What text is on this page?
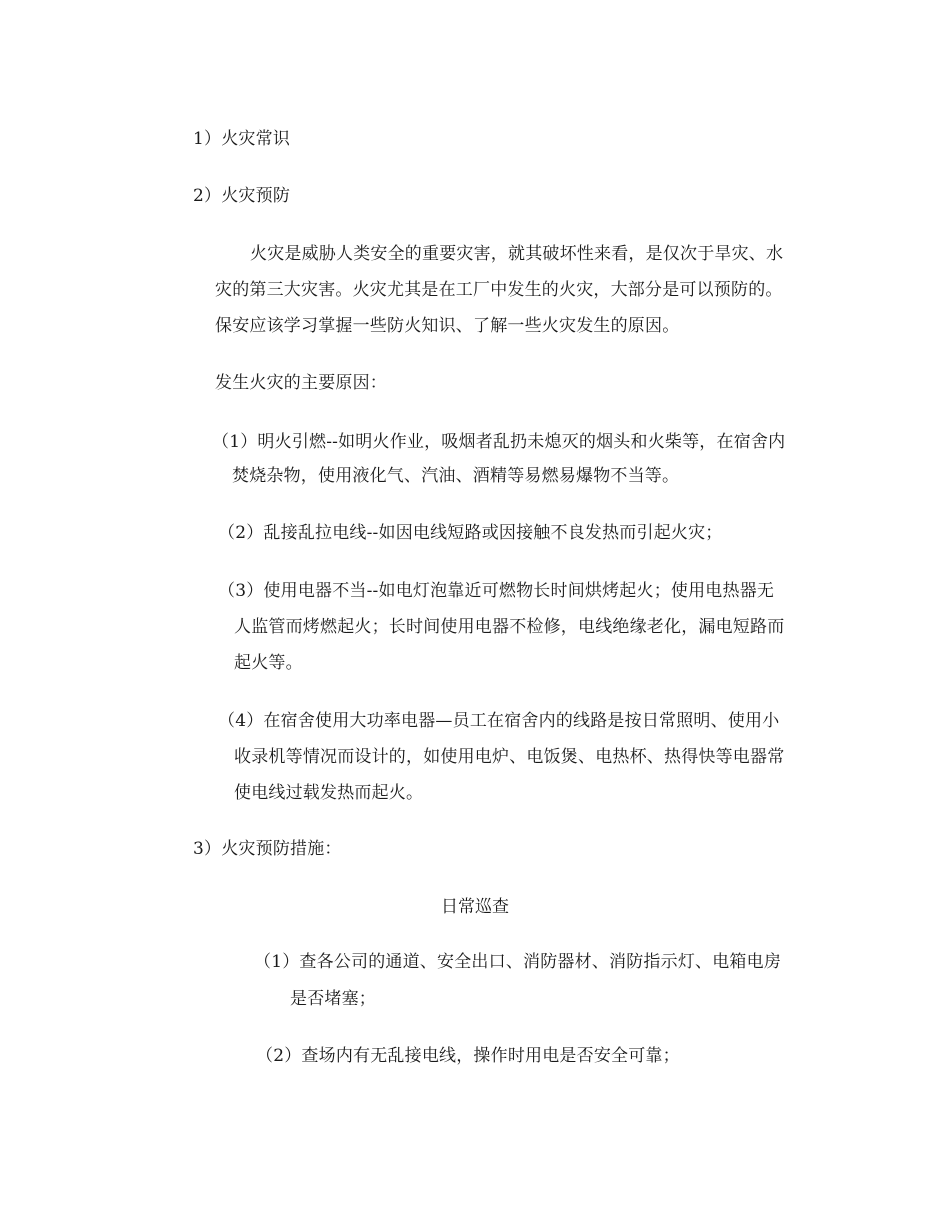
1）火灾常识
2）火灾预防
火灾是威胁人类安全的重要灾害，就其破坏性来看，是仅次于旱灾、水
灾的第三大灾害。火灾尤其是在工厂中发生的火灾，大部分是可以预防的。
保安应该学习掌握一些防火知识、了解一些火灾发生的原因。
发生火灾的主要原因：
（1）明火引燃--如明火作业，吸烟者乱扔未熄灭的烟头和火柴等，在宿舍内
焚烧杂物，使用液化气、汽油、酒精等易燃易爆物不当等。
（2）乱接乱拉电线--如因电线短路或因接触不良发热而引起火灾；
（3）使用电器不当--如电灯泡靠近可燃物长时间烘烤起火；使用电热器无
人监管而烤燃起火；长时间使用电器不检修，电线绝缘老化，漏电短路而
起火等。
（4）在宿舍使用大功率电器—员工在宿舍内的线路是按日常照明、使用小
收录机等情况而设计的，如使用电炉、电饭煲、电热杯、热得快等电器常
使电线过载发热而起火。
3）火灾预防措施：
日常巡查
（1）查各公司的通道、安全出口、消防器材、消防指示灯、电箱电房
是否堵塞；
（2）查场内有无乱接电线，操作时用电是否安全可靠；
